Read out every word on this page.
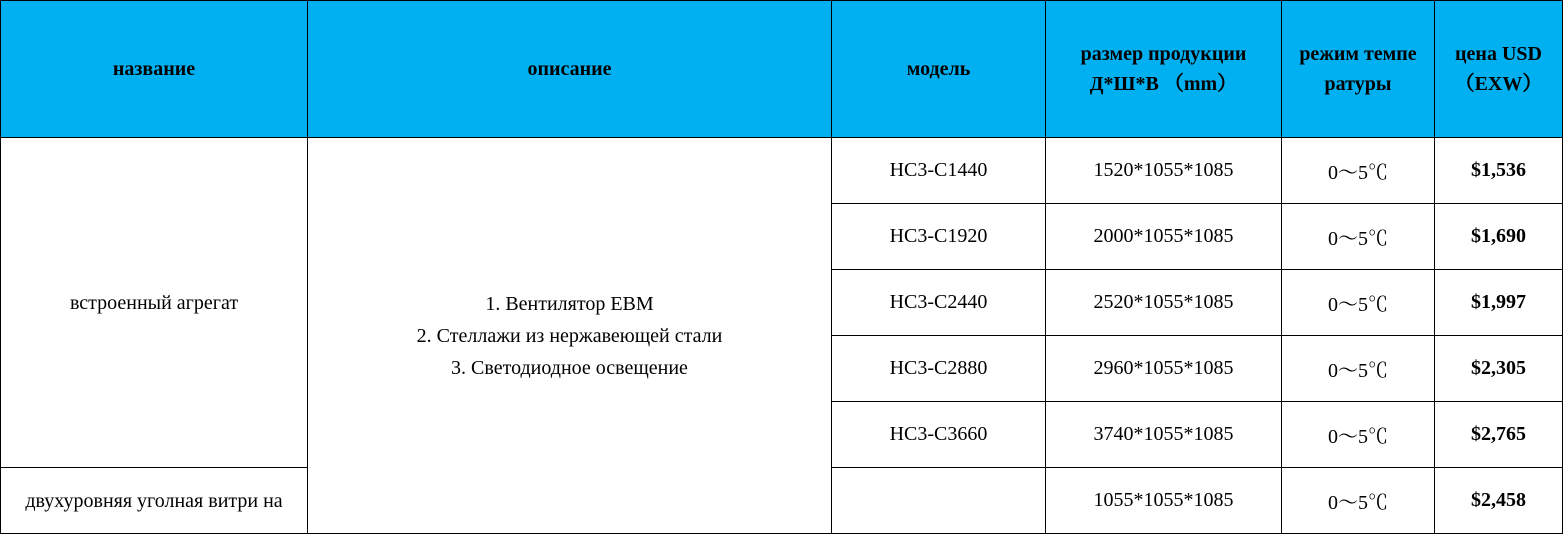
название	описание	модель	размер продукции Д*Ш*В （mm）	режим темпе ратуры	цена USD（EXW）
встроенный агрегат	1. Вентилятор EBM
2. Стеллажи из нержавеющей стали
3. Светодиодное освещение	HC3-C1440	1520*1055*1085	0～5℃	$1,536
		HC3-C1920	2000*1055*1085	0～5℃	$1,690
		HC3-C2440	2520*1055*1085	0～5℃	$1,997
		HC3-C2880	2960*1055*1085	0～5℃	$2,305
		HC3-C3660	3740*1055*1085	0～5℃	$2,765
двухуровняя уголная витри на			1055*1055*1085	0～5℃	$2,458
